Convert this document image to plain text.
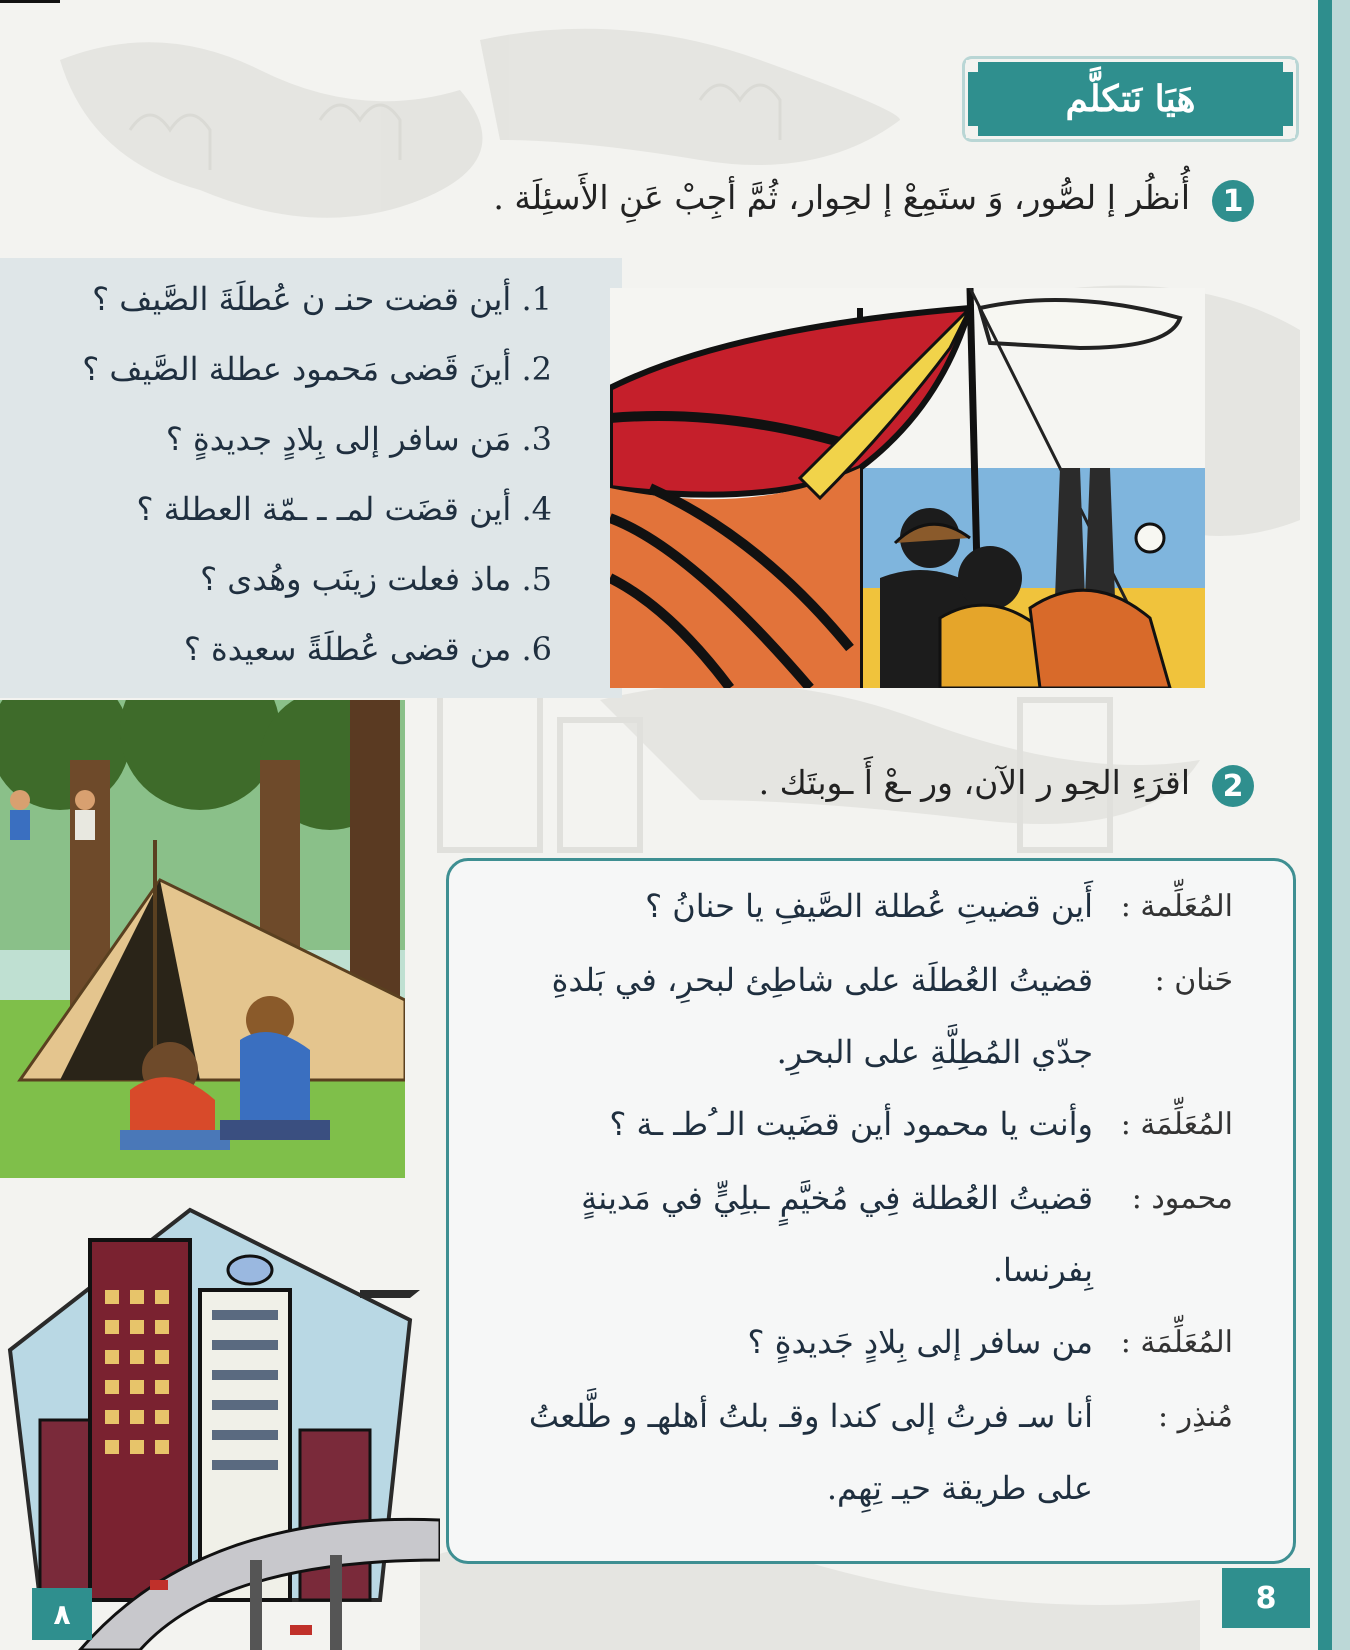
هَيَا نَتكلَّم
1
أُنظُر إ لصُّور، وَ ستَمِعْ إ لحِوار، ثُمَّ أجِبْ عَنِ الأَسئِلَة .
1. أين قضت حنـ ن عُطلَةَ الصَّيف ؟
2. أينَ قَضى مَحمود عطلة الصَّيف ؟
3. مَن سافر إلى بِلادٍ جديدةٍ ؟
4. أين قضَت لمـ ـ ـمّة العطلة ؟
5. ماذ فعلت زينَب وهُدى ؟
6. من قضى عُطلَةً سعيدة ؟
2
اقرَءِ الحِو ر الآن، ور ـعْ أَ ـوبتَك .
المُعَلِّمة :
أَين قضيتِ عُطلة الصَّيفِ يا حنانُ ؟
حَنان :
قضيتُ العُطلَة على شاطِئ لبحرِ، في بَلدةِ
جدّي المُطِلَّةِ على البحرِ.
المُعَلِّمَة :
وأنت يا محمود أين قضَيت الـ ُطـ ـة ؟
محمود :
قضيتُ العُطلة فِي مُخيَّمٍ ـبلِيٍّ في مَدينةٍ
بِفرنسا.
المُعَلِّمَة :
من سافر إلى بِلادٍ جَديدةٍ ؟
مُنذِر :
أنا سـ فرتُ إلى كندا وقـ بلتُ أهلهـ و طَّلعتُ
على طريقة حيـ تِهِم.
8
٨
